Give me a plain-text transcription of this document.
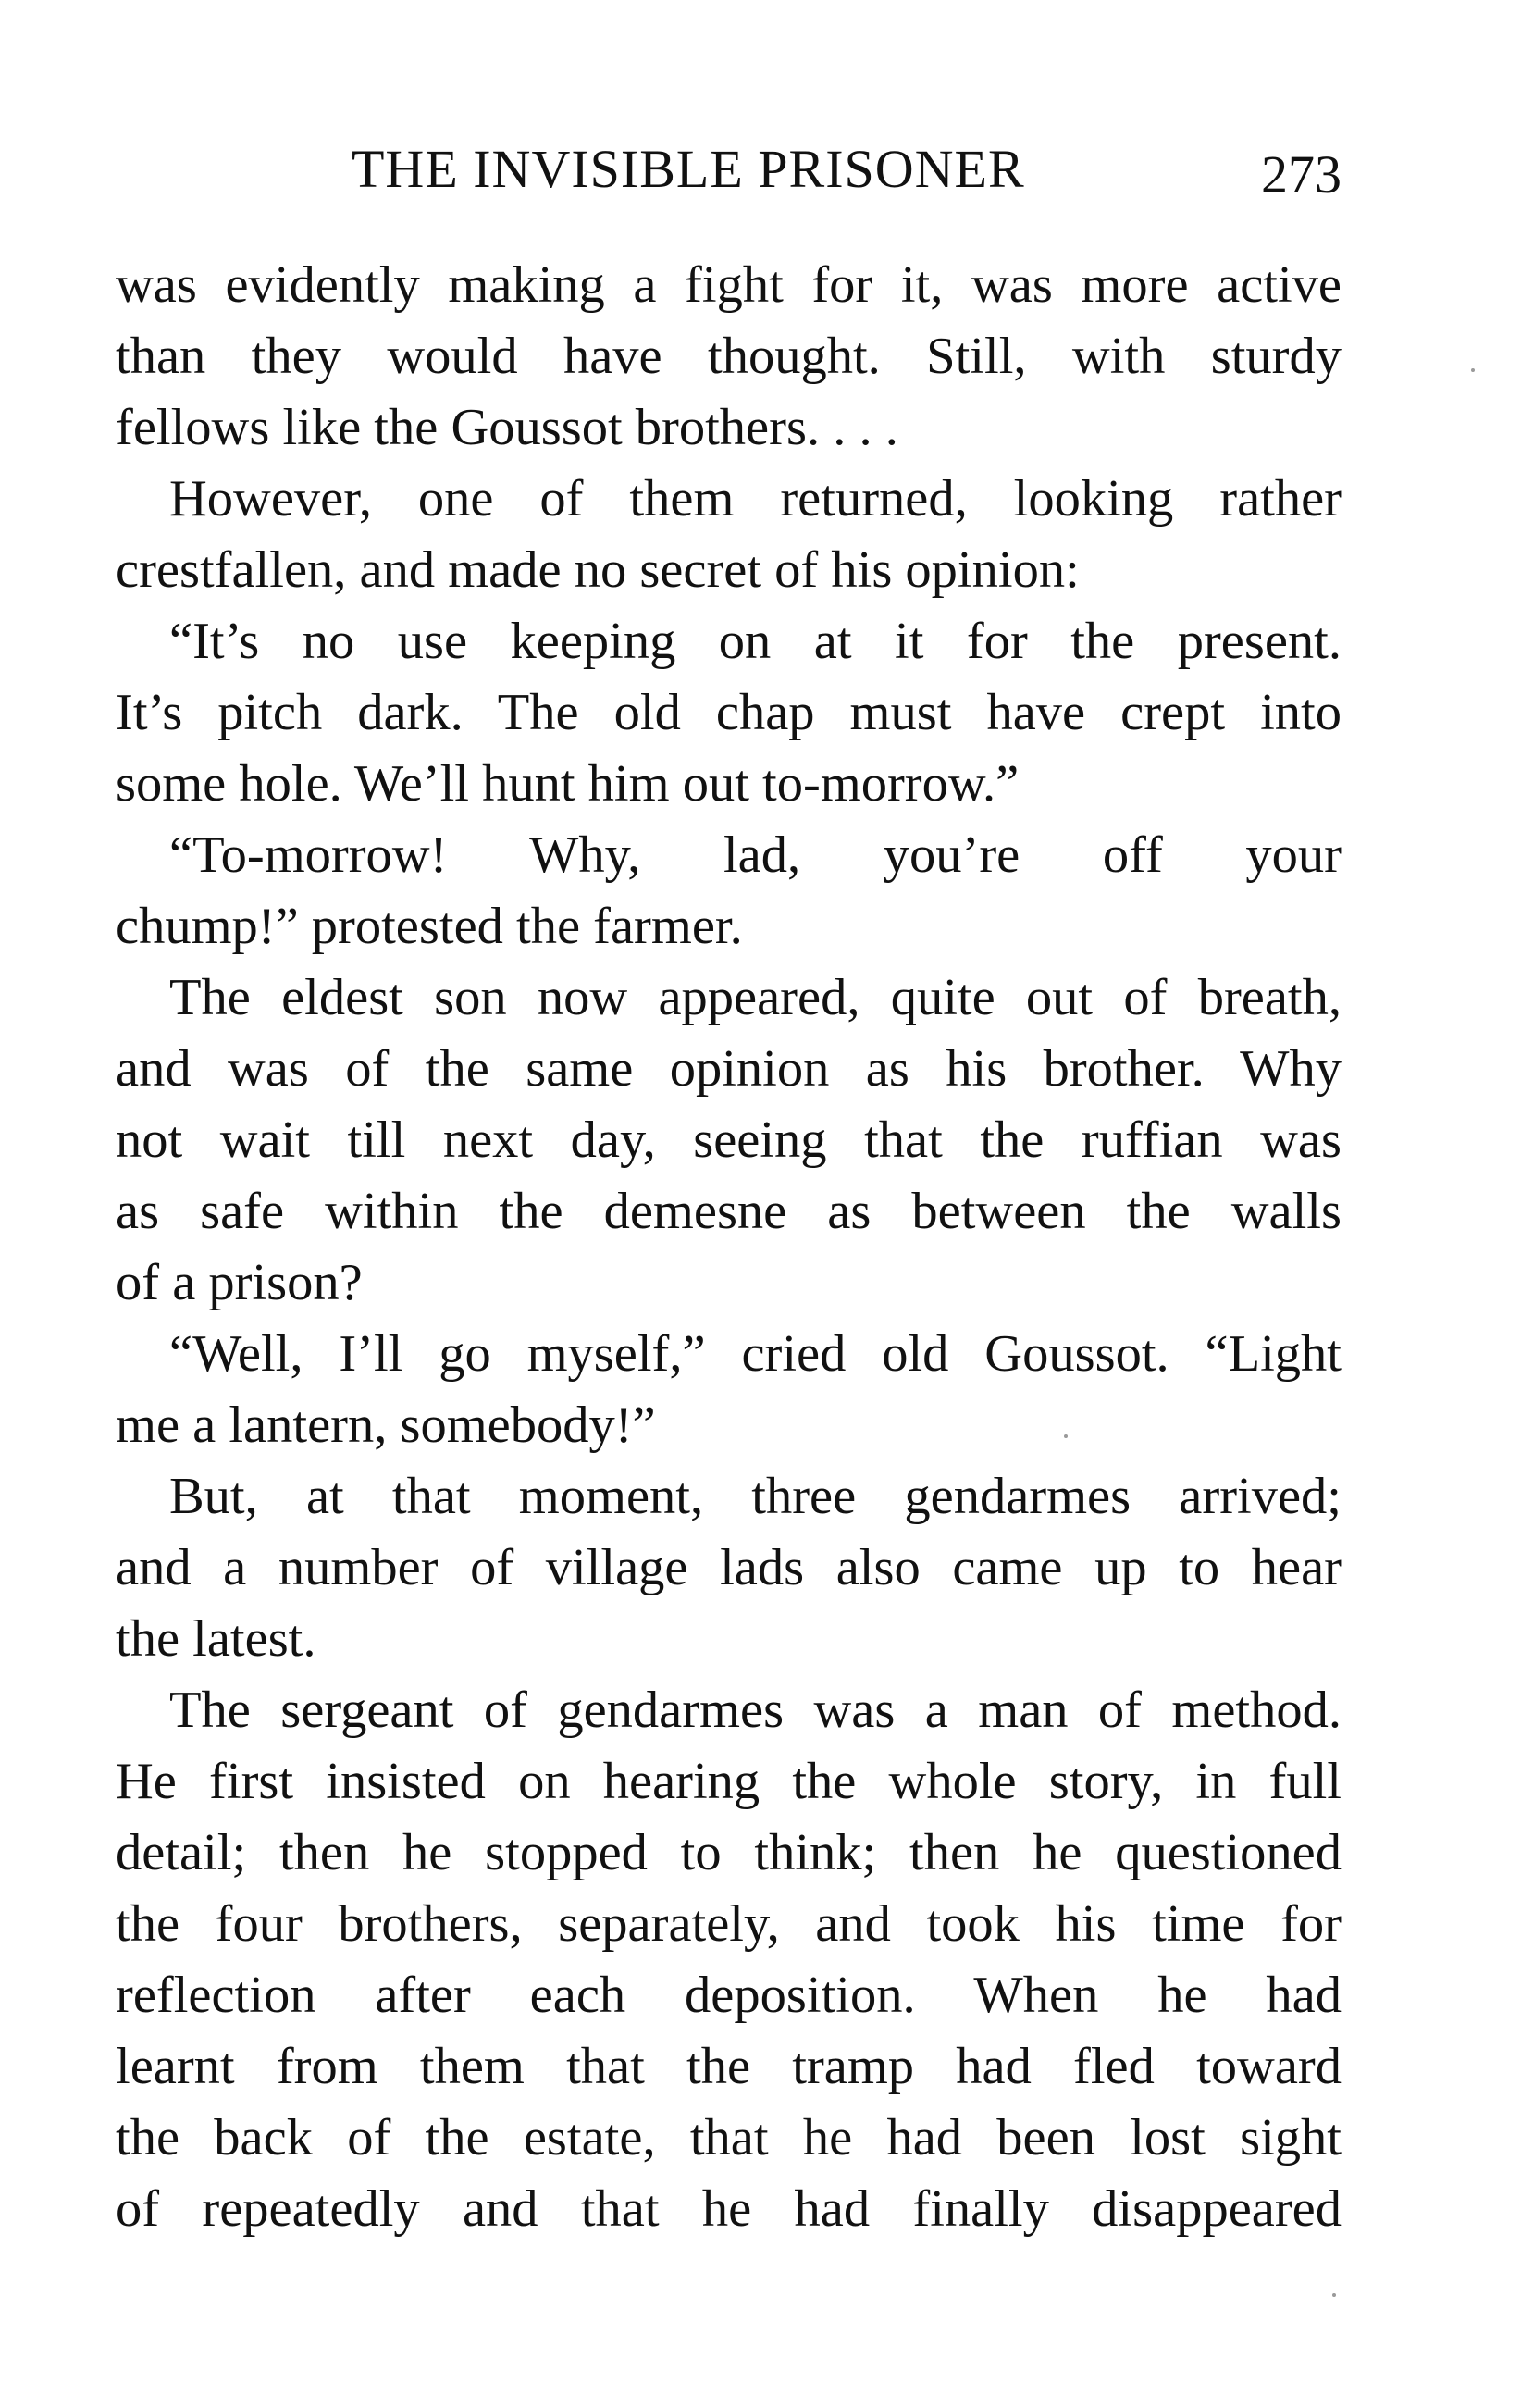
THE INVISIBLE PRISONER	273
was evidently making a fight for it, was more active
than they would have thought. Still, with sturdy
fellows like the Goussot brothers. . . .
However, one of them returned, looking rather
crestfallen, and made no secret of his opinion:
“It’s no use keeping on at it for the present.
It’s pitch dark. The old chap must have crept into
some hole. We’ll hunt him out to-morrow.”
“To-morrow! Why, lad, you’re off your
chump!” protested the farmer.
The eldest son now appeared, quite out of breath,
and was of the same opinion as his brother. Why
not wait till next day, seeing that the ruffian was
as safe within the demesne as between the walls
of a prison?
“Well, I’ll go myself,” cried old Goussot. “Light
me a lantern, somebody!”
But, at that moment, three gendarmes arrived;
and a number of village lads also came up to hear
the latest.
The sergeant of gendarmes was a man of method.
He first insisted on hearing the whole story, in full
detail; then he stopped to think; then he questioned
the four brothers, separately, and took his time for
reflection after each deposition. When he had
learnt from them that the tramp had fled toward
the back of the estate, that he had been lost sight
of repeatedly and that he had finally disappeared
